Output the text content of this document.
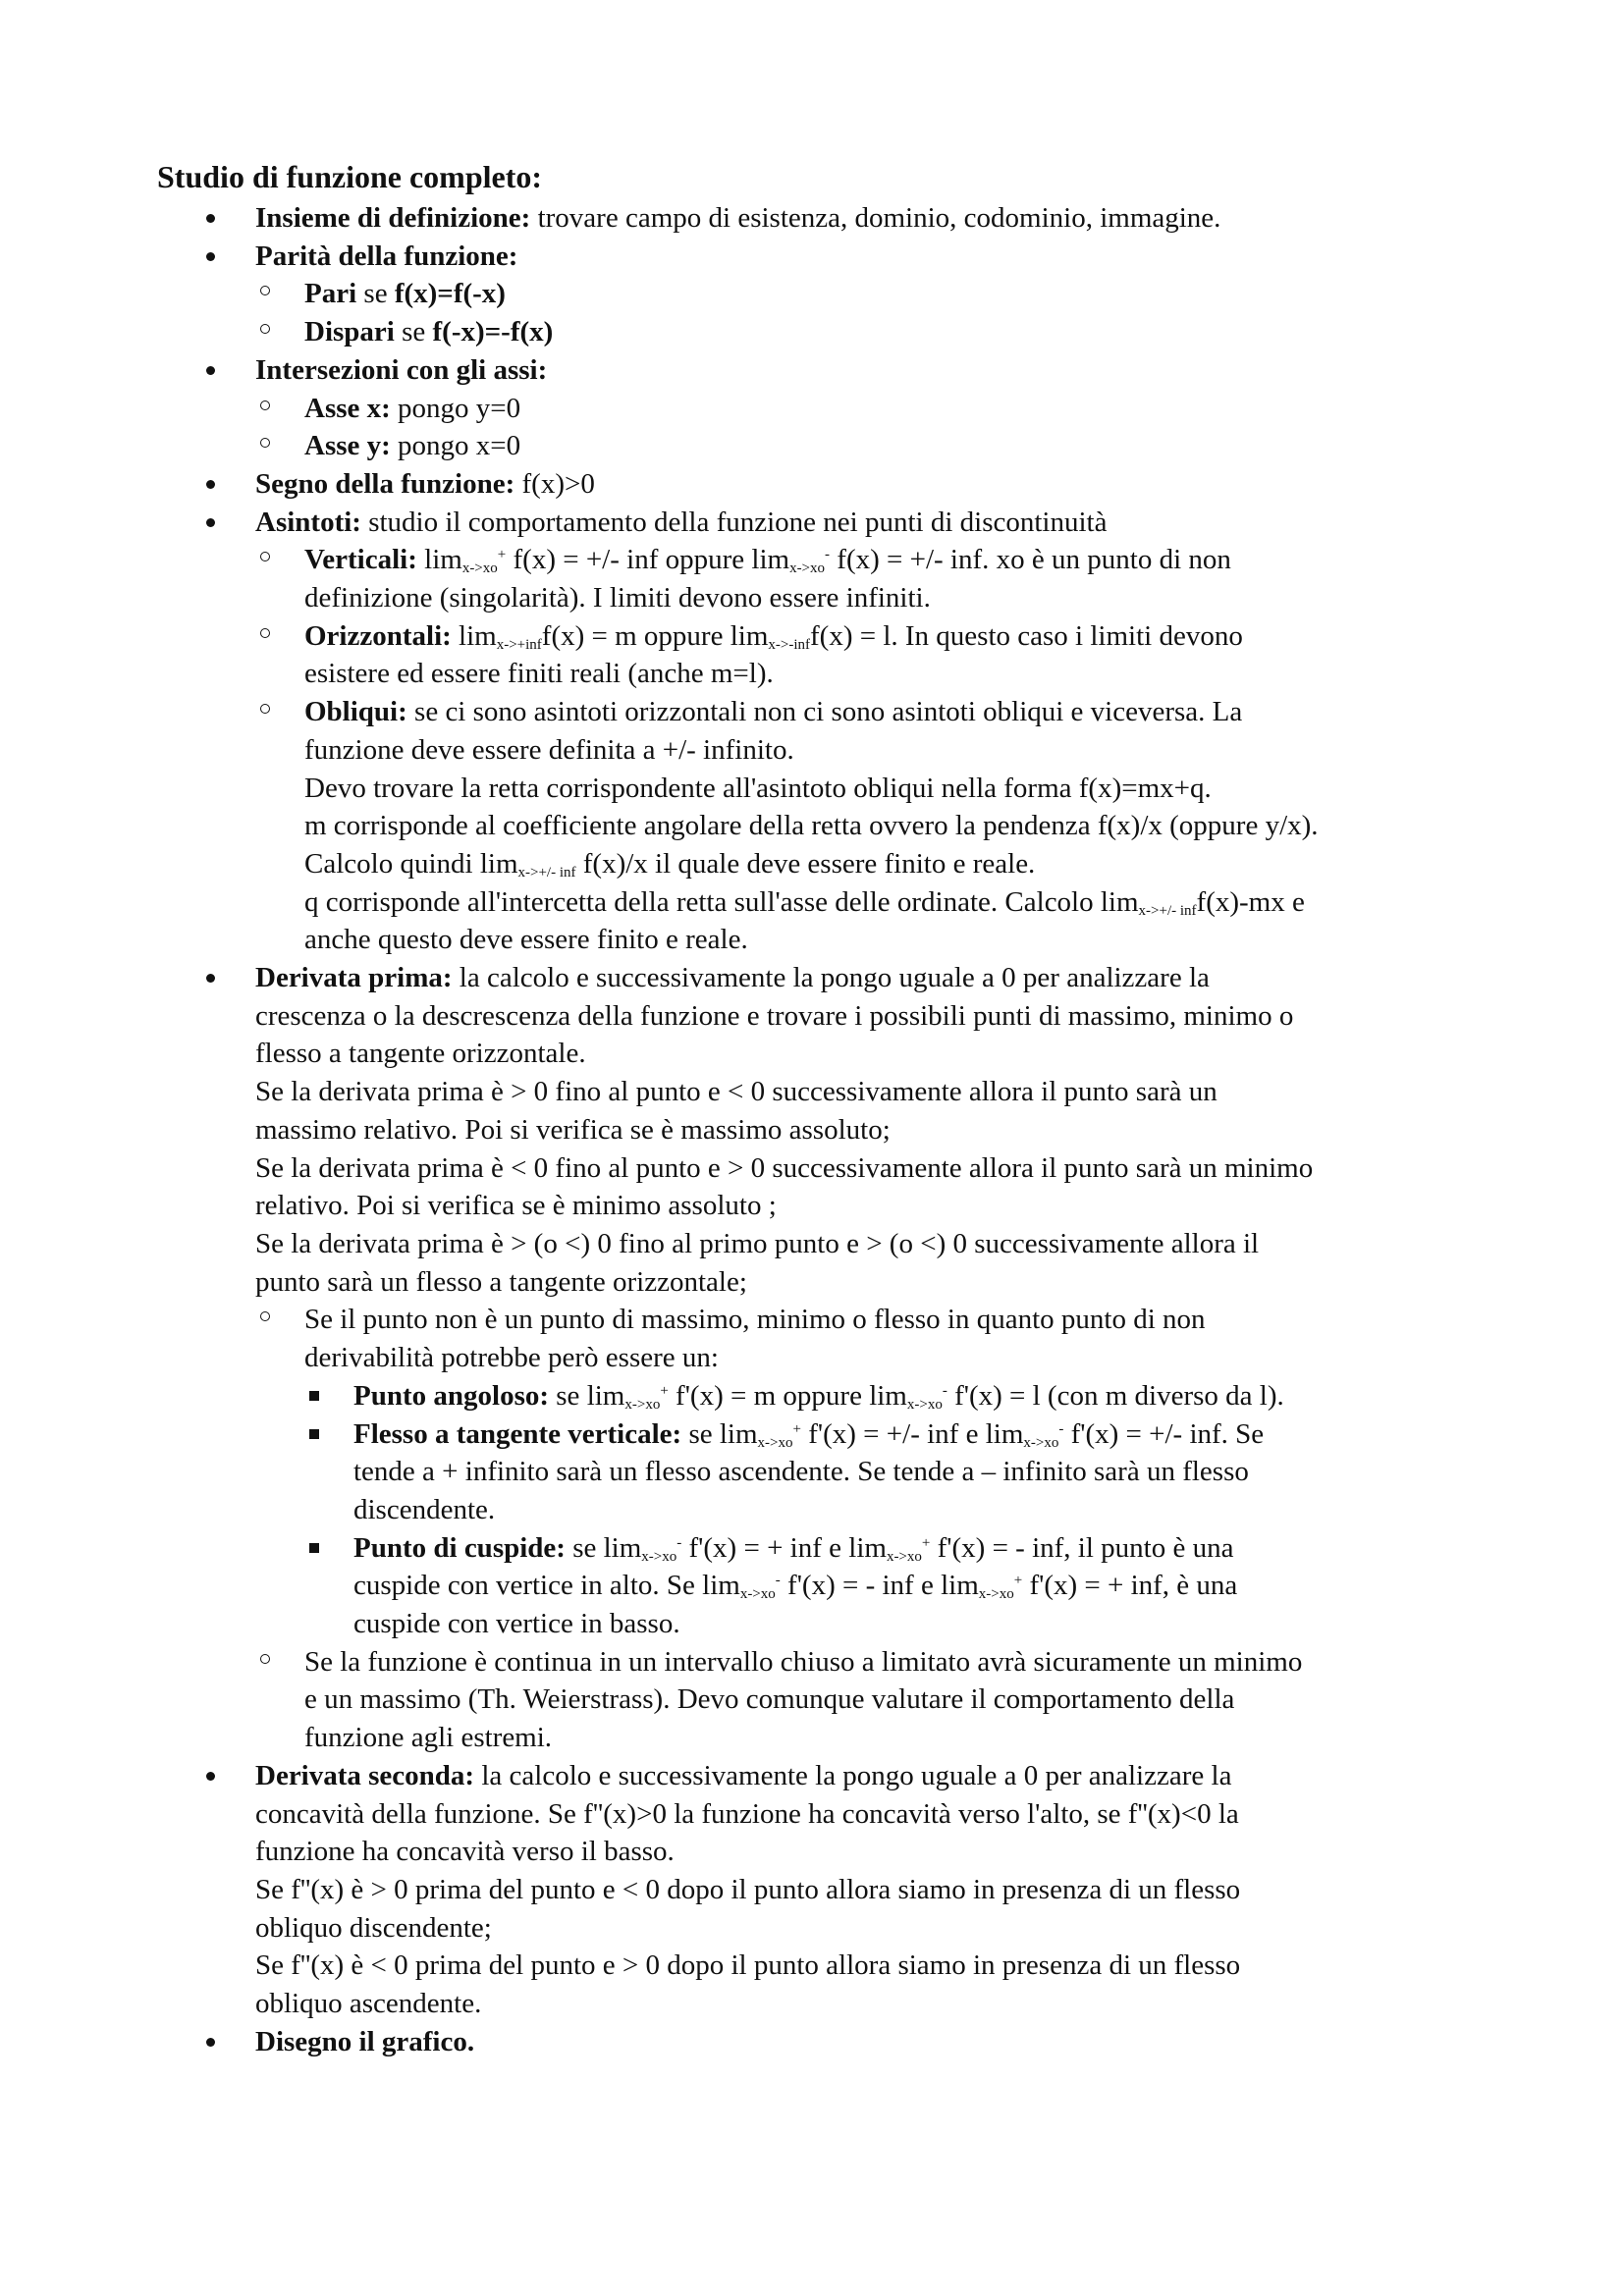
Studio di funzione completo:
Insieme di definizione: trovare campo di esistenza, dominio, codominio, immagine.
Parità della funzione:
Pari se f(x)=f(-x)
Dispari se f(-x)=-f(x)
Intersezioni con gli assi:
Asse x: pongo y=0
Asse y: pongo x=0
Segno della funzione: f(x)>0
Asintoti: studio il comportamento della funzione nei punti di discontinuità
Verticali: $\lim_{x->xo}^+ f(x)$ = +/- inf oppure $\lim_{x->xo}^- f(x)$ = +/- inf. xo è un punto di non
definizione (singolarità). I limiti devono essere infiniti.
Orizzontali: $\lim_{x->+inf}f(x) = m$ oppure $\lim_{x->-inf}f(x) = l$. In questo caso i limiti devono
esistere ed essere finiti reali (anche m=l).
Obliqui: se ci sono asintoti orizzontali non ci sono asintoti obliqui e viceversa. La
funzione deve essere definita a +/- infinito.
Devo trovare la retta corrispondente all'asintoto obliqui nella forma f(x)=mx+q.
m corrisponde al coefficiente angolare della retta ovvero la pendenza f(x)/x (oppure y/x).
Calcolo quindi $\lim_{x->+/- inf} f(x)/x$ il quale deve essere finito e reale.
q corrisponde all'intercetta della retta sull'asse delle ordinate. Calcolo $\lim_{x->+/- inf}f(x)-mx$ e
anche questo deve essere finito e reale.
Derivata prima: la calcolo e successivamente la pongo uguale a 0 per analizzare la
crescenza o la descrescenza della funzione e trovare i possibili punti di massimo, minimo o
flesso a tangente orizzontale.
Se la derivata prima è > 0 fino al punto e < 0 successivamente allora il punto sarà un
massimo relativo. Poi si verifica se è massimo assoluto;
Se la derivata prima è < 0 fino al punto e > 0 successivamente allora il punto sarà un minimo
relativo. Poi si verifica se è minimo assoluto ;
Se la derivata prima è > (o <) 0 fino al primo punto e > (o <) 0 successivamente allora il
punto sarà un flesso a tangente orizzontale;
Se il punto non è un punto di massimo, minimo o flesso in quanto punto di non
derivabilità potrebbe però essere un:
Punto angoloso: se $\lim_{x->xo}^+ f'(x) = m$ oppure $\lim_{x->xo}^- f'(x) = l$ (con m diverso da l).
Flesso a tangente verticale: se $\lim_{x->xo}^+ f'(x)$ = +/- inf e $\lim_{x->xo}^- f'(x)$ = +/- inf. Se
tende a + infinito sarà un flesso ascendente. Se tende a – infinito sarà un flesso
discendente.
Punto di cuspide: se $\lim_{x->xo}^- f'(x)$ = + inf e $\lim_{x->xo}^+ f'(x)$ = - inf, il punto è una
cuspide con vertice in alto. Se $\lim_{x->xo}^- f'(x)$ = - inf e $\lim_{x->xo}^+ f'(x)$ = + inf, è una
cuspide con vertice in basso.
Se la funzione è continua in un intervallo chiuso a limitato avrà sicuramente un minimo
e un massimo (Th. Weierstrass). Devo comunque valutare il comportamento della
funzione agli estremi.
Derivata seconda: la calcolo e successivamente la pongo uguale a 0 per analizzare la
concavità della funzione. Se f''(x)>0 la funzione ha concavità verso l'alto, se f''(x)<0 la
funzione ha concavità verso il basso.
Se f''(x) è > 0 prima del punto e < 0 dopo il punto allora siamo in presenza di un flesso
obliquo discendente;
Se f''(x) è < 0 prima del punto e > 0 dopo il punto allora siamo in presenza di un flesso
obliquo ascendente.
Disegno il grafico.
